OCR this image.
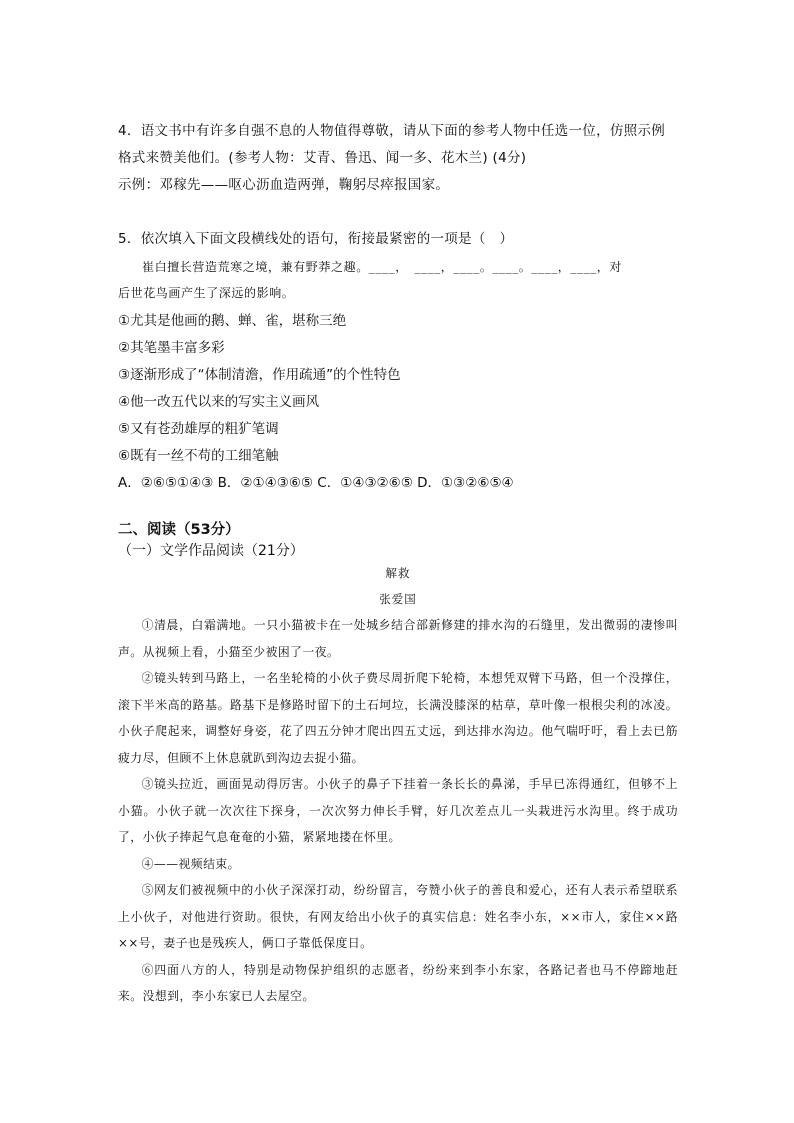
4．语文书中有许多自强不息的人物值得尊敬，请从下面的参考人物中任选一位，仿照示例
格式来赞美他们。(参考人物：艾青、鲁迅、闻一多、花木兰) (4分)
示例：邓稼先——呕心沥血造两弹，鞠躬尽瘁报国家。
5．依次填入下面文段横线处的语句，衔接最紧密的一项是（　）
崔白擅长营造荒寒之境，兼有野莽之趣。____，　____，____。____。____，____，对
后世花鸟画产生了深远的影响。
①尤其是他画的鹅、蝉、雀，堪称三绝
②其笔墨丰富多彩
③逐渐形成了“体制清澹，作用疏通”的个性特色
④他一改五代以来的写实主义画风
⑤又有苍劲雄厚的粗犷笔调
⑥既有一丝不苟的工细笔触
A．②⑥⑤①④③ B．②①④③⑥⑤ C．①④③②⑥⑤ D．①③②⑥⑤④
二、阅读（53分）
（一）文学作品阅读（21分）
解救
张爱国

①清晨，白霜满地。一只小猫被卡在一处城乡结合部新修建的排水沟的石缝里，发出微弱的凄惨叫声。从视频上看，小猫至少被困了一夜。

②镜头转到马路上，一名坐轮椅的小伙子费尽周折爬下轮椅，本想凭双臂下马路，但一个没撑住，滚下半米高的路基。路基下是修路时留下的土石坷垃，长满没膝深的枯草，草叶像一根根尖利的冰凌。小伙子爬起来，调整好身姿，花了四五分钟才爬出四五丈远，到达排水沟边。他气喘吁吁，看上去已筋疲力尽，但顾不上休息就趴到沟边去捉小猫。

③镜头拉近，画面晃动得厉害。小伙子的鼻子下挂着一条长长的鼻涕，手早已冻得通红，但够不上小猫。小伙子就一次次往下探身，一次次努力伸长手臂，好几次差点儿一头栽进污水沟里。终于成功了，小伙子捧起气息奄奄的小猫，紧紧地搂在怀里。

④——视频结束。

⑤网友们被视频中的小伙子深深打动，纷纷留言，夸赞小伙子的善良和爱心，还有人表示希望联系上小伙子，对他进行资助。很快，有网友给出小伙子的真实信息：姓名李小东，××市人，家住××路××号，妻子也是残疾人，俩口子靠低保度日。

⑥四面八方的人，特别是动物保护组织的志愿者，纷纷来到李小东家，各路记者也马不停蹄地赶来。没想到，李小东家已人去屋空。
